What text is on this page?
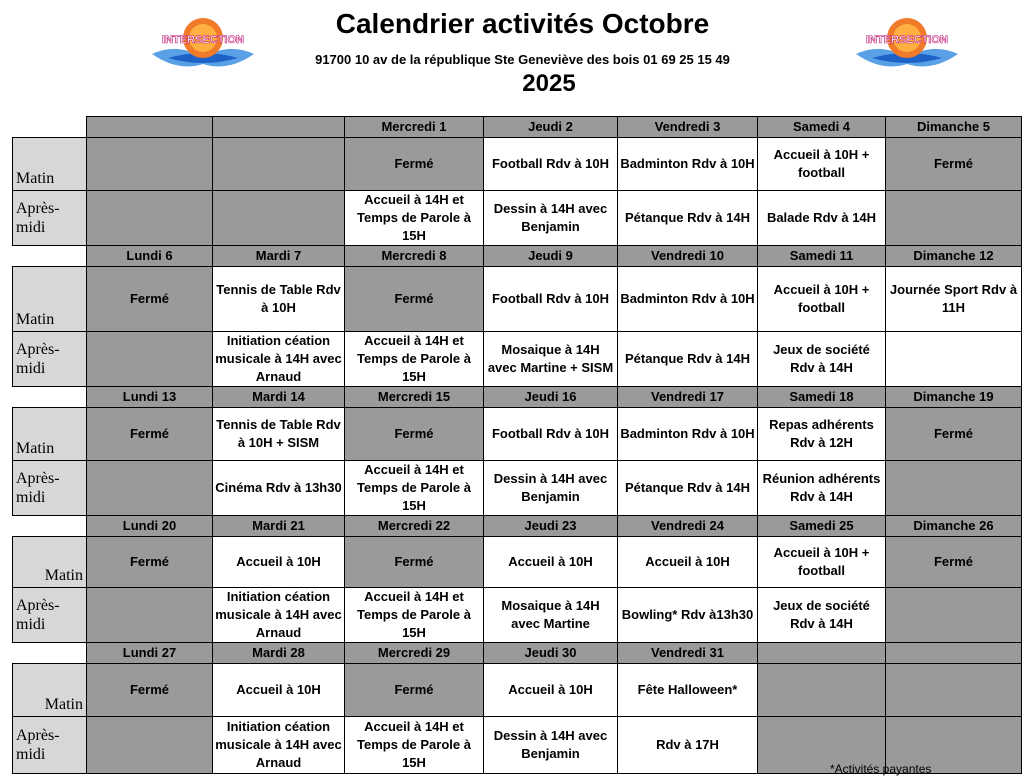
INTERSECTION	INTERSECTION
Calendrier activités Octobre
91700 10 av de la république Ste Geneviève des bois 01 69 25 15 49
2025
			Mercredi 1	Jeudi 2	Vendredi 3	Samedi 4	Dimanche 5
Matin			Fermé	Football Rdv à 10H	Badminton Rdv à 10H	Accueil à 10H + football	Fermé
Après-midi			Accueil à 14H et Temps de Parole à 15H	Dessin à 14H avec Benjamin	Pétanque Rdv à 14H	Balade Rdv à 14H	
	Lundi 6	Mardi 7	Mercredi 8	Jeudi 9	Vendredi 10	Samedi 11	Dimanche 12
Matin	Fermé	Tennis de Table Rdv à 10H	Fermé	Football Rdv à 10H	Badminton Rdv à 10H	Accueil à 10H + football	Journée Sport Rdv à 11H
Après-midi		Initiation céation musicale à 14H avec Arnaud	Accueil à 14H et Temps de Parole à 15H	Mosaique à 14H avec Martine + SISM	Pétanque Rdv à 14H	Jeux de société Rdv à 14H	
	Lundi 13	Mardi 14	Mercredi 15	Jeudi 16	Vendredi 17	Samedi 18	Dimanche 19
Matin	Fermé	Tennis de Table Rdv à 10H + SISM	Fermé	Football Rdv à 10H	Badminton Rdv à 10H	Repas adhérents Rdv à 12H	Fermé
Après-midi		Cinéma Rdv à 13h30	Accueil à 14H et Temps de Parole à 15H	Dessin à 14H avec Benjamin	Pétanque Rdv à 14H	Réunion adhérents Rdv à 14H	
	Lundi 20	Mardi 21	Mercredi 22	Jeudi 23	Vendredi 24	Samedi 25	Dimanche 26
Matin	Fermé	Accueil à 10H	Fermé	Accueil à 10H	Accueil à 10H	Accueil à 10H + football	Fermé
Après-midi		Initiation céation musicale à 14H avec Arnaud	Accueil à 14H et Temps de Parole à 15H	Mosaique à 14H avec Martine	Bowling* Rdv à13h30	Jeux de société Rdv à 14H	
	Lundi 27	Mardi 28	Mercredi 29	Jeudi 30	Vendredi 31		
Matin	Fermé	Accueil à 10H	Fermé	Accueil à 10H	Fête Halloween*		
Après-midi		Initiation céation musicale à 14H avec Arnaud	Accueil à 14H et Temps de Parole à 15H	Dessin à 14H avec Benjamin	Rdv à 17H		
*Activités payantes
